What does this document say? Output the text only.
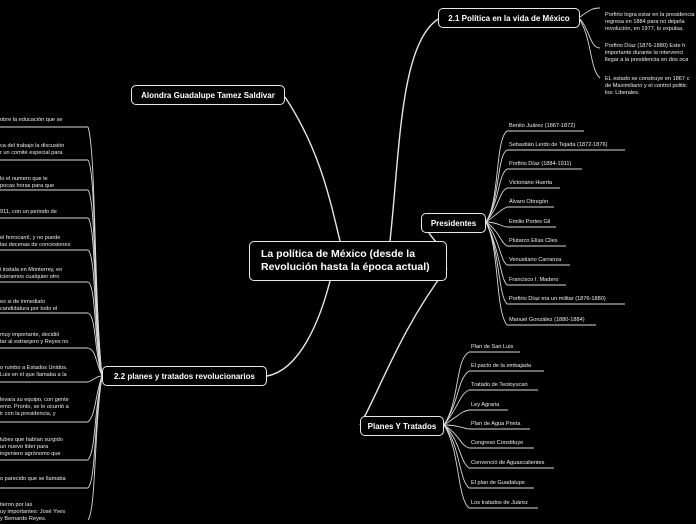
La política de México (desde la Revolución hasta la época actual)
Alondra Guadalupe Tamez Saldívar
2.1 Política en la vida de México	Porfirio logra estar en la presidencia
regresa en 1884 para no dejarla
revolución, en 1977, lo expulsa.
Porfirio Díaz (1876-1880) Este h
importante durante la intervenci
llegar a la presidencia en dos oca
EL estado se construye en 1867 c
de Maximiliano y el control politic
los: Liberales.
Presidentes
Benito Juárez (1867-1872)
Sebastián Lerdo de Tejada (1872-1876)
Porfirio Díaz (1884-1911)
Victoriano Huerta
Álvaro Obregón
Emilio Portes Gil
Plutarco Elías Clles
Venustiano Carranza
Francisco I. Madero
Porfirio Díaz era un militar (1876-1880)
Manuel González (1880-1884)
Planes Y Tratados
Plan de San Luis
El pacto de la embajada
Tratado de Teoloyucan
Ley Agraria
Plan de Agua Prieta
Congreso Constituye
Convenció de Aguascalientes
El plan de Guadalupe
Los tratados de Juárez
2.2 planes y tratados revolucionarios
obre la educación que se
ca del trabajo la discusión
r un comité especial para
lo el numero que le
pocas horas para que
911, con un periodo de
el ferrocarril, y no puede
las decenas de concesiones
i instala en Monterrey, en
icieramos cualquier otro
es si de inmediato
candidatura por todo el
muy importante, decidió
tar al estranjero y Reyes no
o rumbo a Estados Unidos.
Luis en el que llamaba a la
levara su equipo, con gente
emo. Pronto, se le ocurrió a
ir con la presidencia, y
lubes que habían surgido
un nuevo líder para
ingeniero agrónomo que
o parecido que se llamaba
tieron por las
uy importantes: José Yves
y Bernardo Reyes.
